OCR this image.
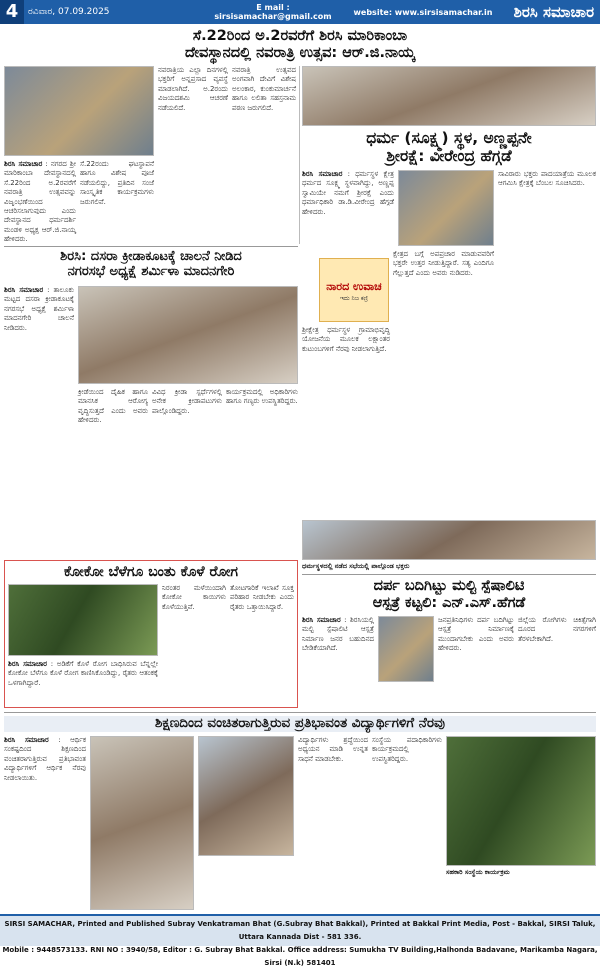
4	ರವಿವಾರ, 07.09.2025	E mail : sirsisamachar@gmail.com	website: www.sirsisamachar.in	ಶಿರಸಿ ಸಮಾಚಾರ
ಸೆ.22ರಿಂದ ಅ.2ರವರೆಗೆ ಶಿರಸಿ ಮಾರಿಕಾಂಬಾ
ದೇವಸ್ಥಾನದಲ್ಲಿ ನವರಾತ್ರಿ ಉತ್ಸವ: ಆರ್.ಜಿ.ನಾಯ್ಕ

ಶಿರಸಿ ಸಮಾಚಾರ : ನಗರದ ಶ್ರೀ ಮಾರಿಕಾಂಬಾ ದೇವಸ್ಥಾನದಲ್ಲಿ ಸೆ.22ರಿಂದ ಅ.2ರವರೆಗೆ ನವರಾತ್ರಿ ಉತ್ಸವವನ್ನು ವಿಜೃಂಭಣೆಯಿಂದ ಆಚರಿಸಲಾಗುವುದು ಎಂದು ದೇವಸ್ಥಾನದ ಧರ್ಮದರ್ಶಿ ಮಂಡಳಿ ಅಧ್ಯಕ್ಷ ಆರ್.ಜಿ.ನಾಯ್ಕ ಹೇಳಿದರು.

ಸೆ.22ರಂದು ಘಟಸ್ಥಾಪನೆ ಹಾಗೂ ವಿಶೇಷ ಪೂಜೆ ನಡೆಯಲಿದ್ದು, ಪ್ರತಿದಿನ ಸಂಜೆ ಸಾಂಸ್ಕೃತಿಕ ಕಾರ್ಯಕ್ರಮಗಳು ಜರುಗಲಿವೆ.
ನವರಾತ್ರಿಯ ಎಲ್ಲಾ ದಿನಗಳಲ್ಲಿ ಭಕ್ತರಿಗೆ ಅನ್ನಪ್ರಸಾದ ವ್ಯವಸ್ಥೆ ಮಾಡಲಾಗಿದೆ. ಅ.2ರಂದು ವಿಜಯದಶಮಿ ಆಚರಣೆ ನಡೆಯಲಿದೆ.
ನವರಾತ್ರಿ ಉತ್ಸವದ ಅಂಗವಾಗಿ ದೇವಿಗೆ ವಿಶೇಷ ಅಲಂಕಾರ, ಕುಂಕುಮಾರ್ಚನೆ ಹಾಗೂ ಲಲಿತಾ ಸಹಸ್ರನಾಮ ಪಠಣ ಜರುಗಲಿದೆ.
ಧರ್ಮ (ಸೂಕ್ಷ್ಮ) ಸ್ಥಳ, ಅಣ್ಣಪ್ಪನೇ
ಶ್ರೀರಕ್ಷೆ: ವೀರೇಂದ್ರ ಹೆಗ್ಗಡೆ

ಶಿರಸಿ ಸಮಾಚಾರ : ಧರ್ಮಸ್ಥಳ ಕ್ಷೇತ್ರ ಧರ್ಮದ ಸೂಕ್ಷ್ಮ ಸ್ಥಳವಾಗಿದ್ದು, ಅಣ್ಣಪ್ಪ ಸ್ವಾಮಿಯೇ ನಮಗೆ ಶ್ರೀರಕ್ಷೆ ಎಂದು ಧರ್ಮಾಧಿಕಾರಿ ಡಾ.ಡಿ.ವೀರೇಂದ್ರ ಹೆಗ್ಗಡೆ ಹೇಳಿದರು.

ಸಾವಿರಾರು ಭಕ್ತರು ಪಾದಯಾತ್ರೆಯ ಮೂಲಕ ಆಗಮಿಸಿ ಕ್ಷೇತ್ರಕ್ಕೆ ಬೆಂಬಲ ಸೂಚಿಸಿದರು.
ನಾರದ ಉವಾಚ
ಇದು ನಿಜ ಕಣ್ರಿ
ಕ್ಷೇತ್ರದ ಬಗ್ಗೆ ಅಪಪ್ರಚಾರ ಮಾಡುವವರಿಗೆ ಭಕ್ತರೇ ಉತ್ತರ ನೀಡುತ್ತಿದ್ದಾರೆ. ಸತ್ಯ ಎಂದಿಗೂ ಗೆಲ್ಲುತ್ತದೆ ಎಂದು ಅವರು ನುಡಿದರು.
ಶ್ರೀಕ್ಷೇತ್ರ ಧರ್ಮಸ್ಥಳ ಗ್ರಾಮಾಭಿವೃದ್ಧಿ ಯೋಜನೆಯ ಮೂಲಕ ಲಕ್ಷಾಂತರ ಕುಟುಂಬಗಳಿಗೆ ನೆರವು ನೀಡಲಾಗುತ್ತಿದೆ.
ಧರ್ಮಸ್ಥಳದಲ್ಲಿ ನಡೆದ ಸಭೆಯಲ್ಲಿ ಪಾಲ್ಗೊಂಡ ಭಕ್ತರು
ಶಿರಸಿ: ದಸರಾ ಕ್ರೀಡಾಕೂಟಕ್ಕೆ ಚಾಲನೆ ನೀಡಿದ
ನಗರಸಭೆ ಅಧ್ಯಕ್ಷೆ ಶರ್ಮಿಳಾ ಮಾದನಗೇರಿ

ಶಿರಸಿ ಸಮಾಚಾರ : ತಾಲೂಕು ಮಟ್ಟದ ದಸರಾ ಕ್ರೀಡಾಕೂಟಕ್ಕೆ ನಗರಸಭೆ ಅಧ್ಯಕ್ಷೆ ಶರ್ಮಿಳಾ ಮಾದನಗೇರಿ ಚಾಲನೆ ನೀಡಿದರು.

ಕ್ರೀಡೆಯಿಂದ ದೈಹಿಕ ಹಾಗೂ ಮಾನಸಿಕ ಆರೋಗ್ಯ ವೃದ್ಧಿಸುತ್ತದೆ ಎಂದು ಅವರು ಹೇಳಿದರು.
ವಿವಿಧ ಕ್ರೀಡಾ ಸ್ಪರ್ಧೆಗಳಲ್ಲಿ ಅನೇಕ ಕ್ರೀಡಾಪಟುಗಳು ಪಾಲ್ಗೊಂಡಿದ್ದರು.
ಕಾರ್ಯಕ್ರಮದಲ್ಲಿ ಅಧಿಕಾರಿಗಳು ಹಾಗೂ ಗಣ್ಯರು ಉಪಸ್ಥಿತರಿದ್ದರು.
ಕೋಕೋ ಬೆಳೆಗೂ ಬಂತು ಕೊಳೆ ರೋಗ

ಶಿರಸಿ ಸಮಾಚಾರ : ಅಡಿಕೆಗೆ ಕೊಳೆ ರೋಗ ಬಾಧಿಸಿರುವ ಬೆನ್ನಲ್ಲೇ ಕೋಕೋ ಬೆಳೆಗೂ ಕೊಳೆ ರೋಗ ಕಾಣಿಸಿಕೊಂಡಿದ್ದು, ರೈತರು ಆತಂಕಕ್ಕೆ ಒಳಗಾಗಿದ್ದಾರೆ.

ನಿರಂತರ ಮಳೆಯಿಂದಾಗಿ ಕೋಕೋ ಕಾಯಿಗಳು ಕೊಳೆಯುತ್ತಿವೆ.
ತೋಟಗಾರಿಕೆ ಇಲಾಖೆ ಸೂಕ್ತ ಪರಿಹಾರ ನೀಡಬೇಕು ಎಂದು ರೈತರು ಒತ್ತಾಯಿಸಿದ್ದಾರೆ.
ದರ್ಪ ಬದಿಗಿಟ್ಟು ಮಲ್ಟಿ ಸ್ಪೆಷಾಲಿಟಿ
ಆಸ್ಪತ್ರೆ ಕಟ್ಟಲಿ: ಎನ್.ಎಸ್.ಹೆಗಡೆ

ಶಿರಸಿ ಸಮಾಚಾರ : ಶಿರಸಿಯಲ್ಲಿ ಮಲ್ಟಿ ಸ್ಪೆಷಾಲಿಟಿ ಆಸ್ಪತ್ರೆ ನಿರ್ಮಾಣ ಜನರ ಬಹುದಿನದ ಬೇಡಿಕೆಯಾಗಿದೆ.

ಜನಪ್ರತಿನಿಧಿಗಳು ದರ್ಪ ಬದಿಗಿಟ್ಟು ಆಸ್ಪತ್ರೆ ನಿರ್ಮಾಣಕ್ಕೆ ಮುಂದಾಗಬೇಕು ಎಂದು ಅವರು ಹೇಳಿದರು.
ಜಿಲ್ಲೆಯ ರೋಗಿಗಳು ಚಿಕಿತ್ಸೆಗಾಗಿ ದೂರದ ನಗರಗಳಿಗೆ ತೆರಳಬೇಕಾಗಿದೆ.
ಶಿಕ್ಷಣದಿಂದ ವಂಚಿತರಾಗುತ್ತಿರುವ ಪ್ರತಿಭಾವಂತ ವಿದ್ಯಾರ್ಥಿಗಳಿಗೆ ನೆರವು

ಶಿರಸಿ ಸಮಾಚಾರ : ಆರ್ಥಿಕ ಸಂಕಷ್ಟದಿಂದ ಶಿಕ್ಷಣದಿಂದ ವಂಚಿತರಾಗುತ್ತಿರುವ ಪ್ರತಿಭಾವಂತ ವಿದ್ಯಾರ್ಥಿಗಳಿಗೆ ಆರ್ಥಿಕ ನೆರವು ನೀಡಲಾಯಿತು.

ವಿದ್ಯಾರ್ಥಿಗಳು ಶ್ರದ್ಧೆಯಿಂದ ಅಧ್ಯಯನ ಮಾಡಿ ಉನ್ನತ ಸಾಧನೆ ಮಾಡಬೇಕು.
ಸಂಸ್ಥೆಯ ಪದಾಧಿಕಾರಿಗಳು ಕಾರ್ಯಕ್ರಮದಲ್ಲಿ ಉಪಸ್ಥಿತರಿದ್ದರು.
ಸಹಕಾರಿ ಸಂಸ್ಥೆಯ ಕಾರ್ಯಕ್ರಮ
SIRSI SAMACHAR, Printed and Published Subray Venkatraman Bhat (G.Subray Bhat Bakkal), Printed at Bakkal Print Media, Post - Bakkal, SIRSI Taluk, Uttara Kannada Dist - 581 336.
Mobile : 9448573133. RNI NO : 3940/58, Editor : G. Subray Bhat Bakkal. Office address: Sumukha TV Building,Halhonda Badavane, Marikamba Nagara, Sirsi (N.k) 581401
